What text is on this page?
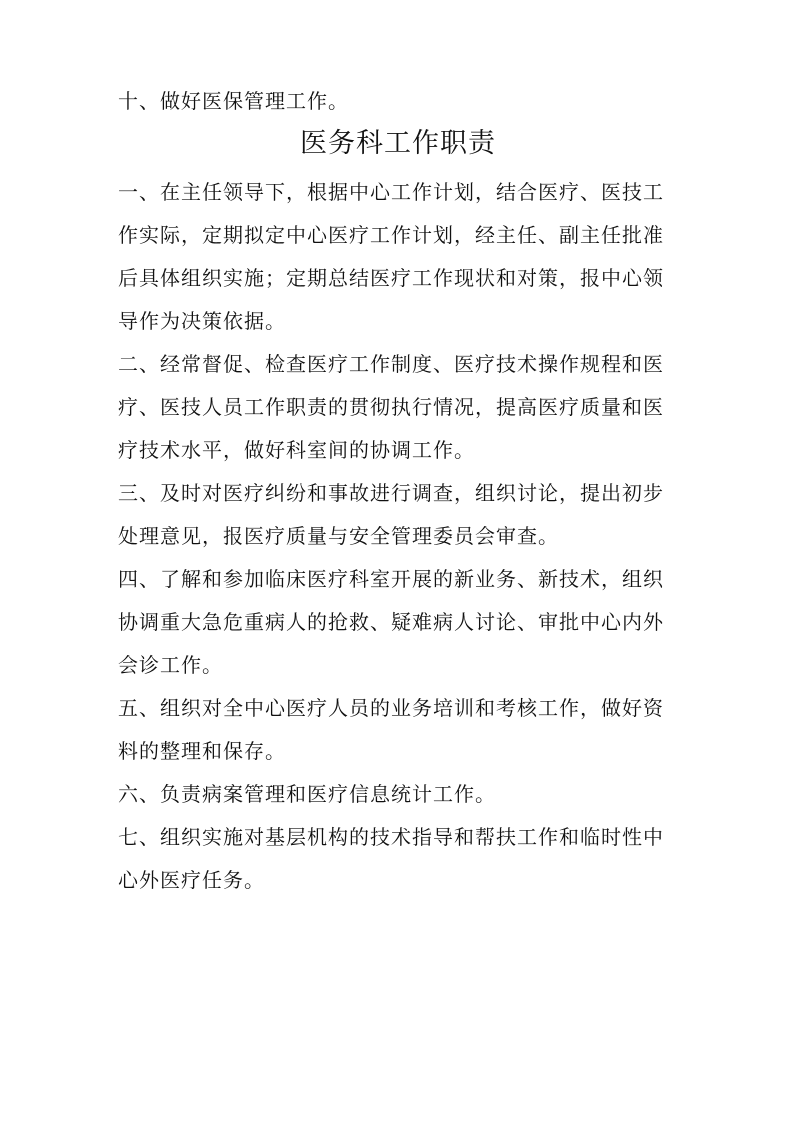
十、做好医保管理工作。
医务科工作职责
一、在主任领导下，根据中心工作计划，结合医疗、医技工
作实际，定期拟定中心医疗工作计划，经主任、副主任批准
后具体组织实施；定期总结医疗工作现状和对策，报中心领
导作为决策依据。
二、经常督促、检查医疗工作制度、医疗技术操作规程和医
疗、医技人员工作职责的贯彻执行情况，提高医疗质量和医
疗技术水平，做好科室间的协调工作。
三、及时对医疗纠纷和事故进行调查，组织讨论，提出初步
处理意见，报医疗质量与安全管理委员会审查。
四、了解和参加临床医疗科室开展的新业务、新技术，组织
协调重大急危重病人的抢救、疑难病人讨论、审批中心内外
会诊工作。
五、组织对全中心医疗人员的业务培训和考核工作，做好资
料的整理和保存。
六、负责病案管理和医疗信息统计工作。
七、组织实施对基层机构的技术指导和帮扶工作和临时性中
心外医疗任务。
